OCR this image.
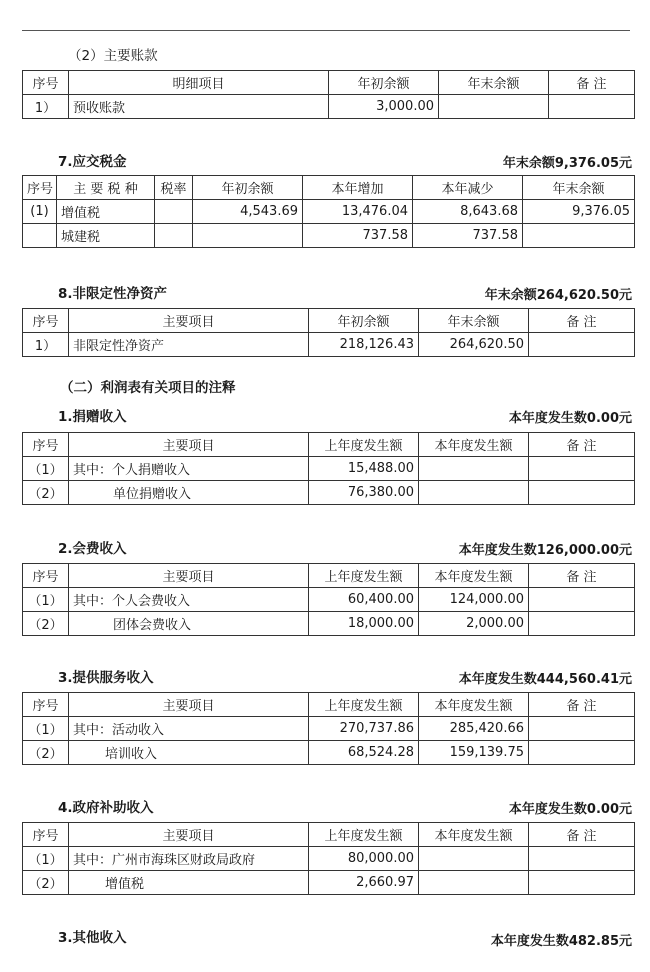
（2）主要账款
序号	明细项目	年初余额	年末余额	备 注
1）	预收账款	3,000.00		
7.应交税金	年末余额9,376.05元
序号	主 要 税 种	税率	年初余额	本年增加	本年减少	年末余额
(1)	增值税		4,543.69	13,476.04	8,643.68	9,376.05
	城建税			737.58	737.58	
8.非限定性净资产	年末余额264,620.50元
序号	主要项目	年初余额	年末余额	备 注
1）	非限定性净资产	218,126.43	264,620.50	
（二）利润表有关项目的注释
1.捐赠收入	本年度发生数0.00元
序号	主要项目	上年度发生额	本年度发生额	备 注
（1）	其中：个人捐赠收入	15,488.00		
（2）	单位捐赠收入	76,380.00		
2.会费收入	本年度发生数126,000.00元
序号	主要项目	上年度发生额	本年度发生额	备 注
（1）	其中：个人会费收入	60,400.00	124,000.00	
（2）	团体会费收入	18,000.00	2,000.00	
3.提供服务收入	本年度发生数444,560.41元
序号	主要项目	上年度发生额	本年度发生额	备 注
（1）	其中：活动收入	270,737.86	285,420.66	
（2）	培训收入	68,524.28	159,139.75	
4.政府补助收入	本年度发生数0.00元
序号	主要项目	上年度发生额	本年度发生额	备 注
（1）	其中：广州市海珠区财政局政府	80,000.00		
（2）	增值税	2,660.97		
3.其他收入	本年度发生数482.85元
